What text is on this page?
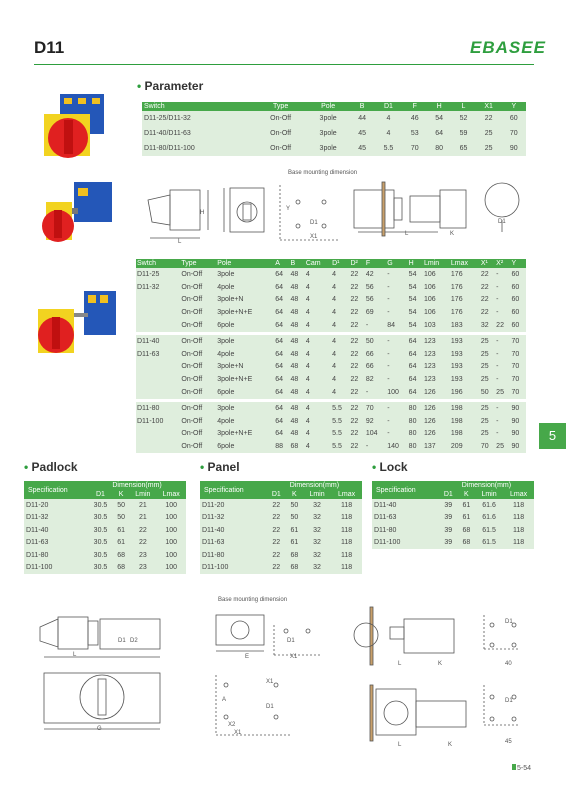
D11	EBASEE
• Parameter
Switch	Type	Pole	B	D1	F	H	L	X1	Y
D11-25/D11-32	On-Off	3pole	44	4	46	54	52	22	60
D11-40/D11-63	On-Off	3pole	45	4	53	64	59	25	70
D11-80/D11-100	On-Off	3pole	45	5.5	70	80	65	25	90
Base mounting dimension
L
H
Y
D1
X1	L	K
D1
Swtch	Type	Pole	A	B	Cam	D¹	D²	F	G	H	Lmin	Lmax	X¹	X²	Y
D11-25	On-Off	3pole	64	48	4	4	22	42	-	54	106	176	22	-	60
D11-32	On-Off	4pole	64	48	4	4	22	56	-	54	106	176	22	-	60
	On-Off	3pole+N	64	48	4	4	22	56	-	54	106	176	22	-	60
	On-Off	3pole+N+E	64	48	4	4	22	69	-	54	106	176	22	-	60
	On-Off	6pole	64	48	4	4	22	-	84	54	103	183	32	22	60

D11-40	On-Off	3pole	64	48	4	4	22	50	-	64	123	193	25	-	70
D11-63	On-Off	4pole	64	48	4	4	22	66	-	64	123	193	25	-	70
	On-Off	3pole+N	64	48	4	4	22	66	-	64	123	193	25	-	70
	On-Off	3pole+N+E	64	48	4	4	22	82	-	64	123	193	25	-	70
	On-Off	6pole	64	48	4	4	22	-	100	64	126	196	50	25	70

D11-80	On-Off	3pole	64	48	4	5.5	22	70	-	80	126	198	25	-	90
D11-100	On-Off	4pole	64	48	4	5.5	22	92	-	80	126	198	25	-	90
	On-Off	3pole+N+E	64	48	4	5.5	22	104	-	80	126	198	25	-	90
	On-Off	6pole	88	68	4	5.5	22	-	140	80	137	209	70	25	90
5
• Padlock	• Panel	• Lock
Specification	Dimension(mm)			
	D1	K	Lmin	Lmax
D11-20	30.5	50	21	100
D11-32	30.5	50	21	100
D11-40	30.5	61	22	100
D11-63	30.5	61	22	100
D11-80	30.5	68	23	100
D11-100	30.5	68	23	100
Specification	Dimension(mm)			
	D1	K	Lmin	Lmax
D11-20	22	50	32	118
D11-32	22	50	32	118
D11-40	22	61	32	118
D11-63	22	61	32	118
D11-80	22	68	32	118
D11-100	22	68	32	118
Specification	Dimension(mm)			
	D1	K	Lmin	Lmax
D11-40	39	61	61.6	118
D11-63	39	61	61.6	118
D11-80	39	68	61.5	118
D11-100	39	68	61.5	118
Base mounting dimension
L
D1 D2
G
E
D1
X1
A
X1
D1
X2
X1
L	K
D1
40
45
D1
L	K
5-54
